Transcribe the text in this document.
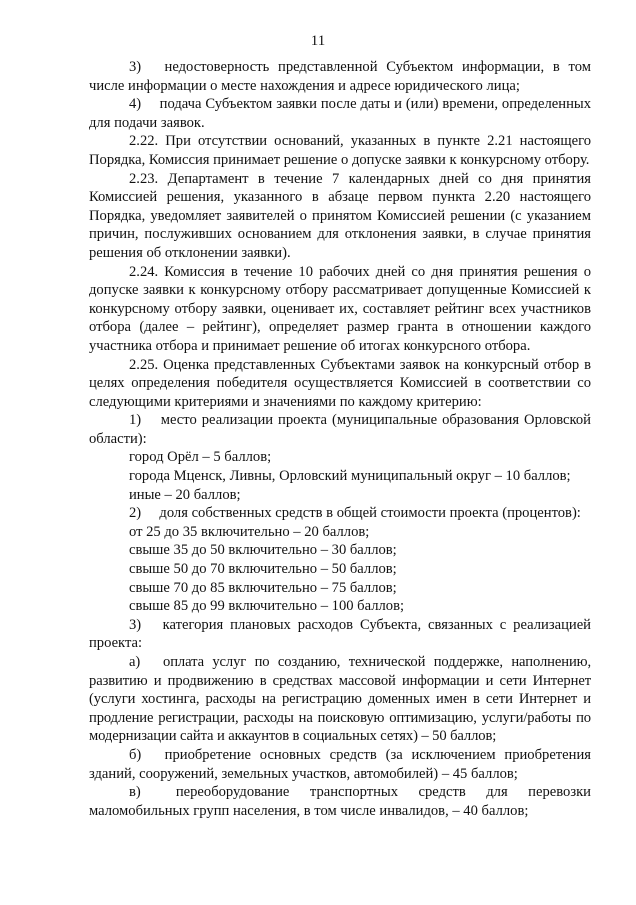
11

3)  недостоверность представленной Субъектом информации, в том числе информации о месте нахождения и адресе юридического лица;

4)  подача Субъектом заявки после даты и (или) времени, определенных для подачи заявок.

2.22. При отсутствии оснований, указанных в пункте 2.21 настоящего Порядка, Комиссия принимает решение о допуске заявки к конкурсному отбору.

2.23. Департамент в течение 7 календарных дней со дня принятия Комиссией решения, указанного в абзаце первом пункта 2.20 настоящего Порядка, уведомляет заявителей о принятом Комиссией решении (с указанием причин, послуживших основанием для отклонения заявки, в случае принятия решения об отклонении заявки).

2.24. Комиссия в течение 10 рабочих дней со дня принятия решения о допуске заявки к конкурсному отбору рассматривает допущенные Комиссией к конкурсному отбору заявки, оценивает их, составляет рейтинг всех участников отбора (далее – рейтинг), определяет размер гранта в отношении каждого участника отбора и принимает решение об итогах конкурсного отбора.

2.25. Оценка представленных Субъектами заявок на конкурсный отбор в целях определения победителя осуществляется Комиссией в соответствии со следующими критериями и значениями по каждому критерию:

1)  место реализации проекта (муниципальные образования Орловской области):

город Орёл – 5 баллов;

города Мценск, Ливны, Орловский муниципальный округ – 10 баллов;

иные – 20 баллов;

2)  доля собственных средств в общей стоимости проекта (процентов):

от 25 до 35 включительно – 20 баллов;

свыше 35 до 50 включительно – 30 баллов;

свыше 50 до 70 включительно – 50 баллов;

свыше 70 до 85 включительно – 75 баллов;

свыше 85 до 99 включительно – 100 баллов;

3)  категория плановых расходов Субъекта, связанных с реализацией проекта:

а)  оплата услуг по созданию, технической поддержке, наполнению, развитию и продвижению в средствах массовой информации и сети Интернет (услуги хостинга, расходы на регистрацию доменных имен в сети Интернет и продление регистрации, расходы на поисковую оптимизацию, услуги/работы по модернизации сайта и аккаунтов в социальных сетях) – 50 баллов;

б)  приобретение основных средств (за исключением приобретения зданий, сооружений, земельных участков, автомобилей) – 45 баллов;

в)  переоборудование транспортных средств для перевозки маломобильных групп населения, в том числе инвалидов, – 40 баллов;
